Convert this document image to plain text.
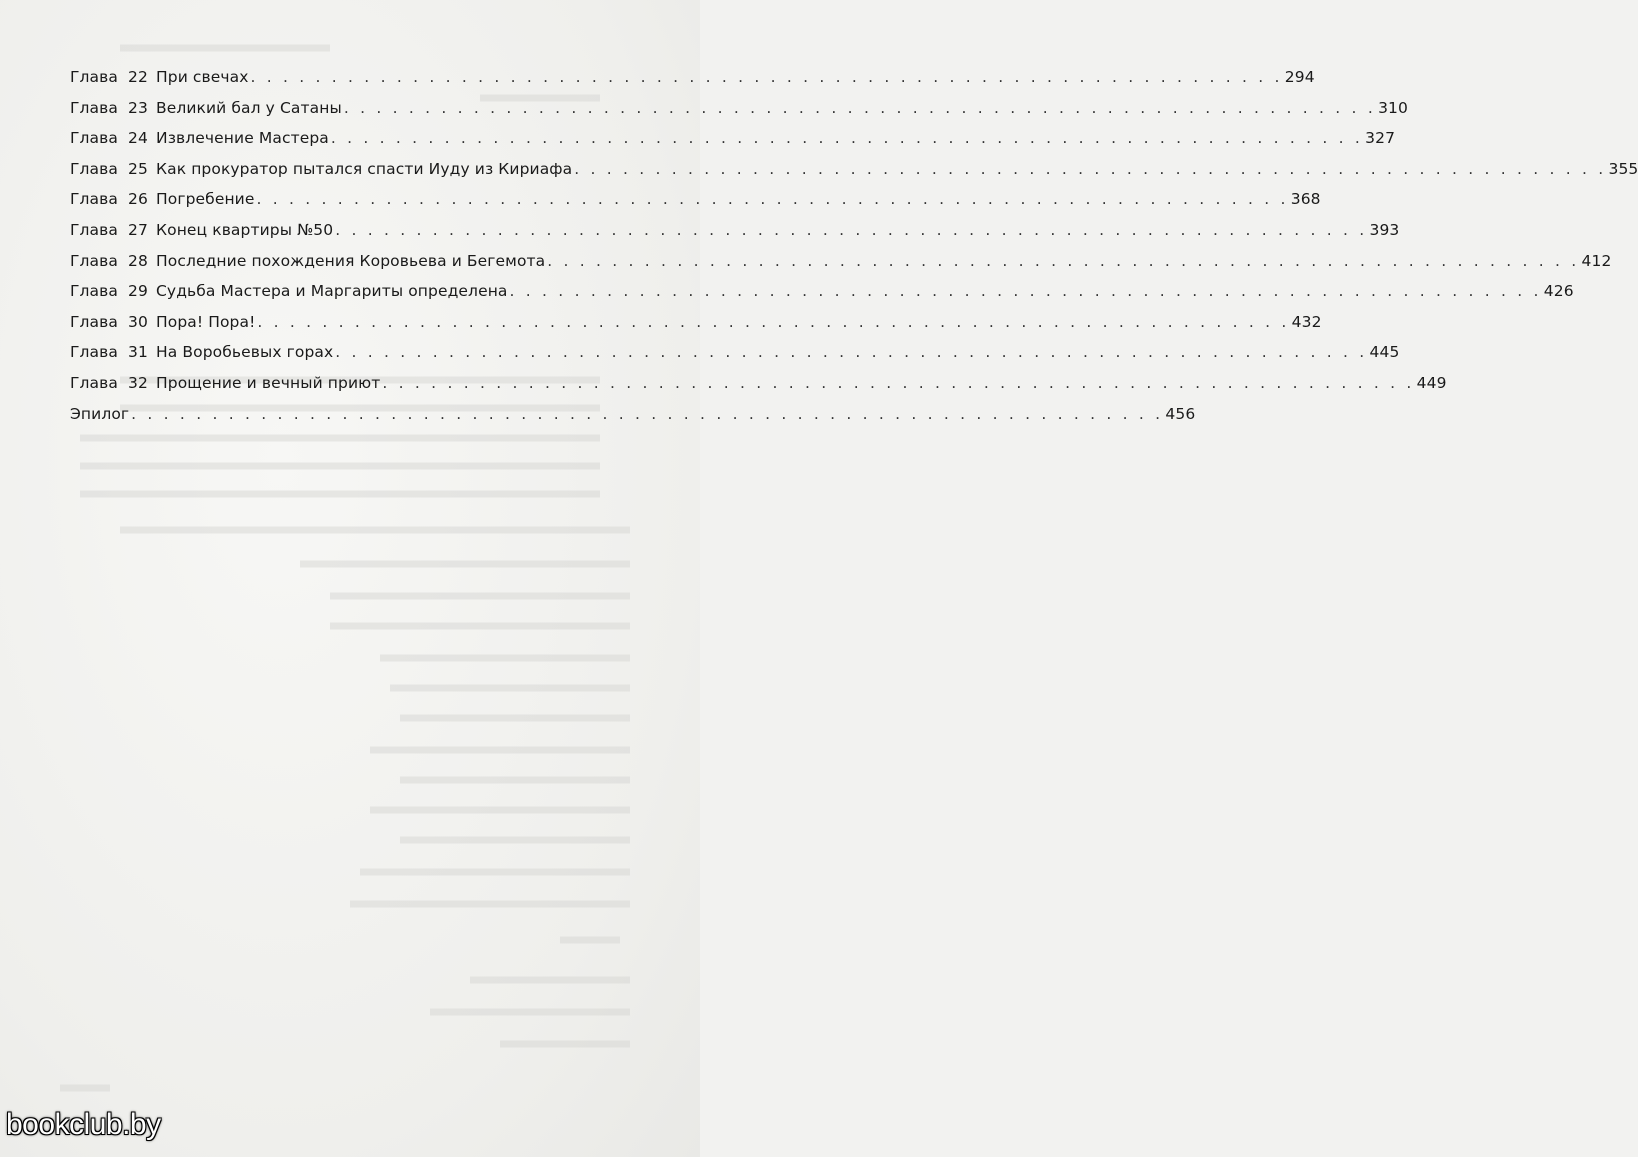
Глава 22 При свечах . . .	294
Глава 23 Великий бал у Сатаны . . .	310
Глава 24 Извлечение Мастера . . .	327
Глава 25 Как прокуратор пытался спасти Иуду из Кириафа . . .	355
Глава 26 Погребение . . .	368
Глава 27 Конец квартиры №50 . . .	393
Глава 28 Последние похождения Коровьева и Бегемота . . .	412
Глава 29 Судьба Мастера и Маргариты определена . . .	426
Глава 30 Пора! Пора! . . .	432
Глава 31 На Воробьевых горах . . .	445
Глава 32 Прощение и вечный приют . . .	449
Эпилог . . .	456
bookclub.by
